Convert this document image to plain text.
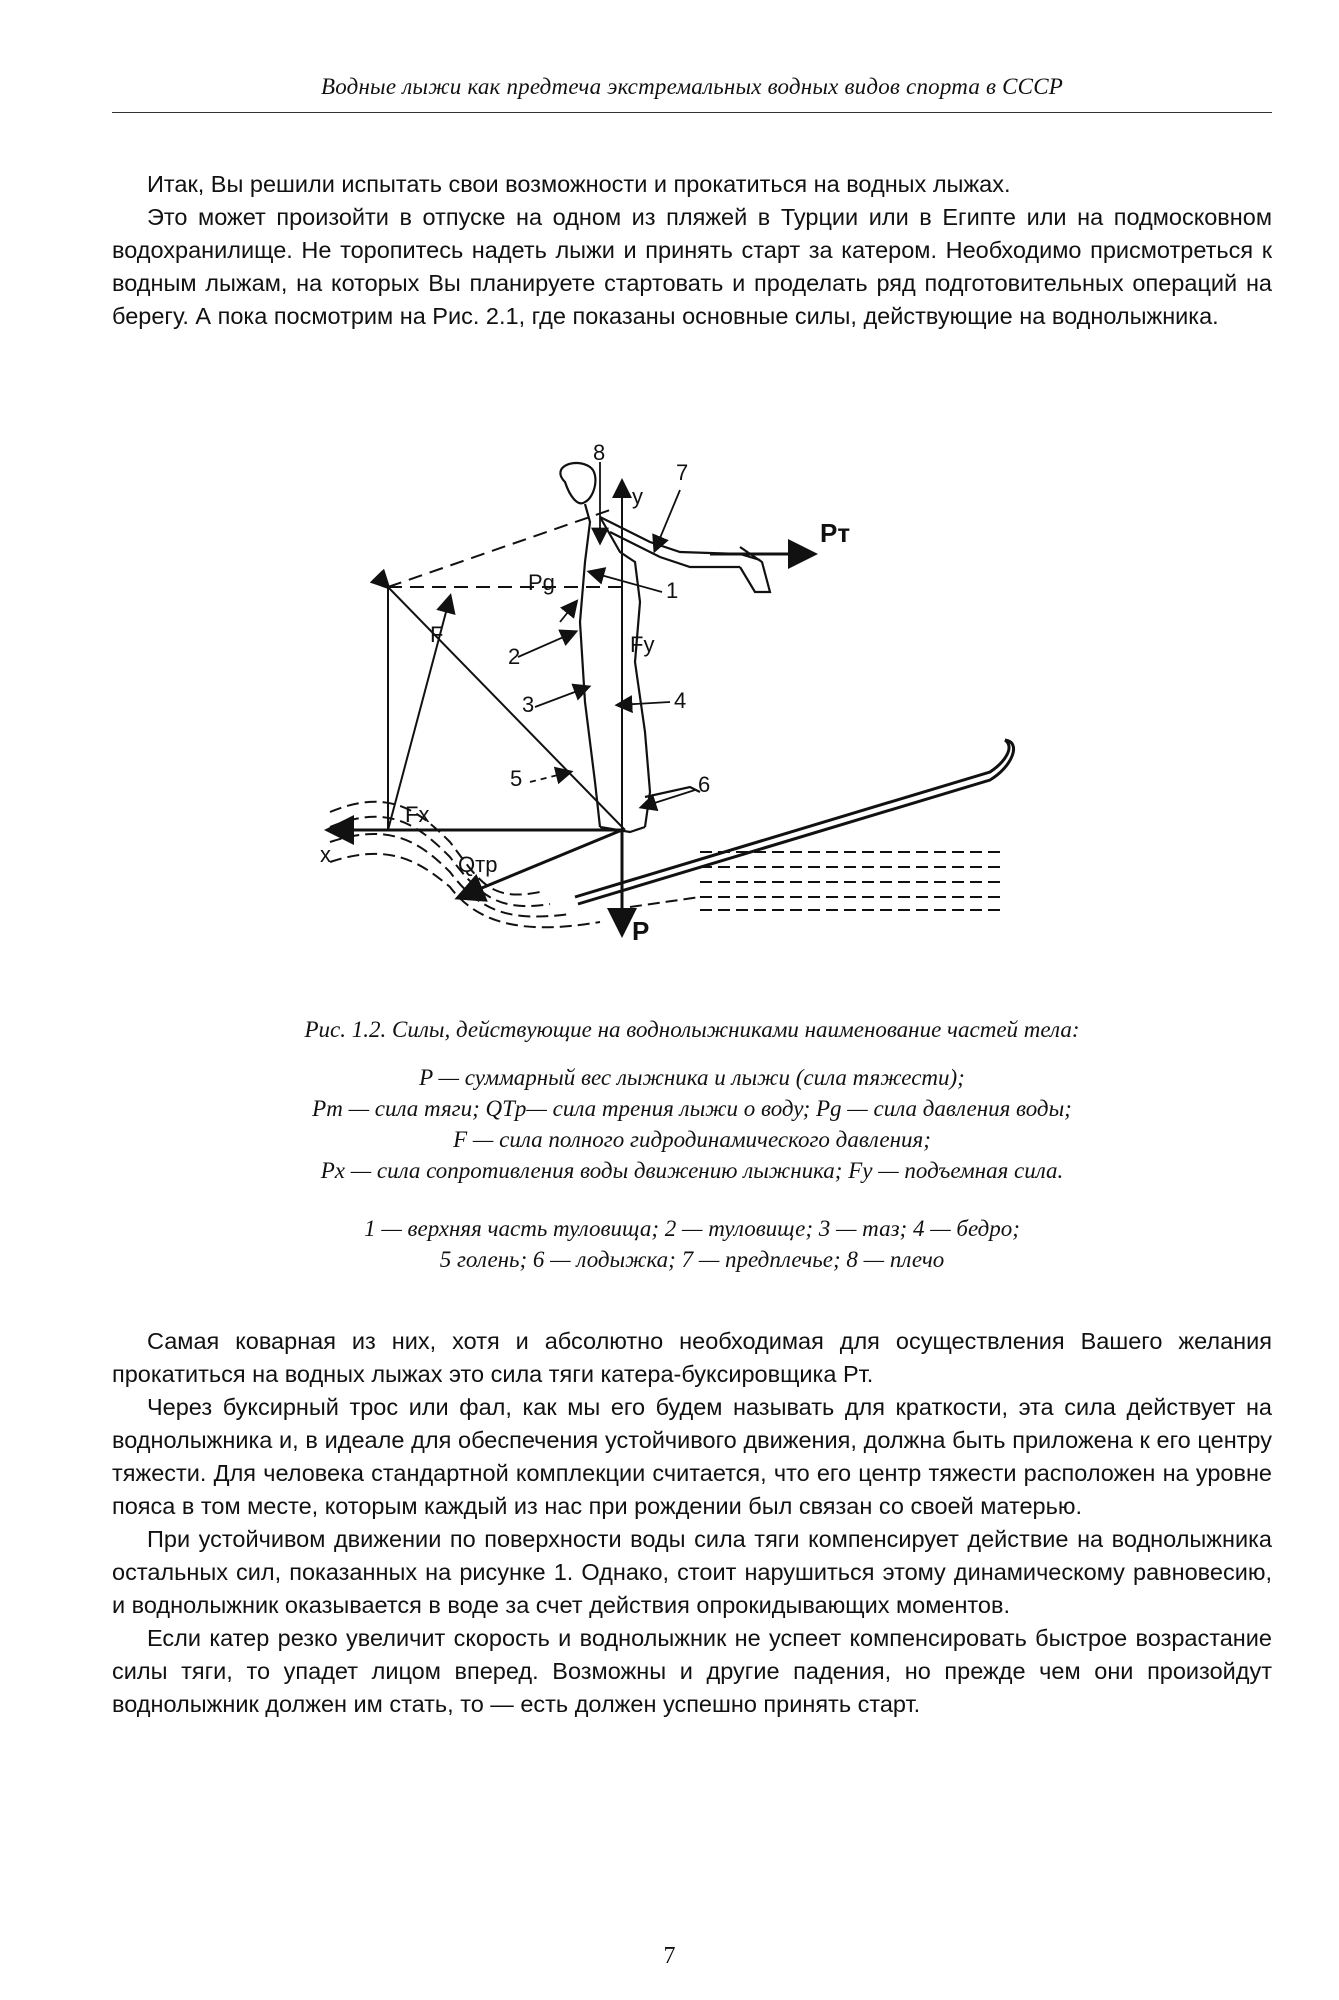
Водные лыжи как предтеча экстремальных водных видов спорта в СССР

Итак, Вы решили испытать свои возможности и прокатиться на водных лыжах.

Это может произойти в отпуске на одном из пляжей в Турции или в Египте или на подмосковном водохранилище. Не торопитесь надеть лыжи и принять старт за катером. Необходимо присмотреться к водным лыжам, на которых Вы планируете стартовать и проделать ряд подготовительных операций на берегу. А пока посмотрим на Рис. 2.1, где показаны основные силы, действующие на воднолыжника.

x
y
P
Pт
Pg
F
Fx
Fy
Qтр
1
2
3	4
5	6
7
8
Рис. 1.2. Силы, действующие на воднолыжниками наименование частей тела:
P — суммарный вес лыжника и лыжи (сила тяжести);
Pm — сила тяги; QTp— сила трения лыжи о воду; Pg — сила давления воды;
F — сила полного гидродинамического давления;
Px — сила сопротивления воды движению лыжника; Fy — подъемная сила.
1 — верхняя часть туловища; 2 — туловище; 3 — таз; 4 — бедро;
5 голень; 6 — лодыжка; 7 — предплечье; 8 — плечо

Самая коварная из них, хотя и абсолютно необходимая для осуществления Вашего желания прокатиться на водных лыжах это сила тяги катера-буксировщика Рт.

Через буксирный трос или фал, как мы его будем называть для краткости, эта сила действует на воднолыжника и, в идеале для обеспечения устойчивого движения, должна быть приложена к его центру тяжести. Для человека стандартной комплекции считается, что его центр тяжести расположен на уровне пояса в том месте, которым каждый из нас при рождении был связан со своей матерью.

При устойчивом движении по поверхности воды сила тяги компенсирует действие на воднолыжника остальных сил, показанных на рисунке 1. Однако, стоит нарушиться этому динамическому равновесию, и воднолыжник оказывается в воде за счет действия опрокидывающих моментов.

Если катер резко увеличит скорость и воднолыжник не успеет компенсировать быстрое возрастание силы тяги, то упадет лицом вперед. Возможны и другие падения, но прежде чем они произойдут воднолыжник должен им стать, то — есть должен успешно принять старт.

7
